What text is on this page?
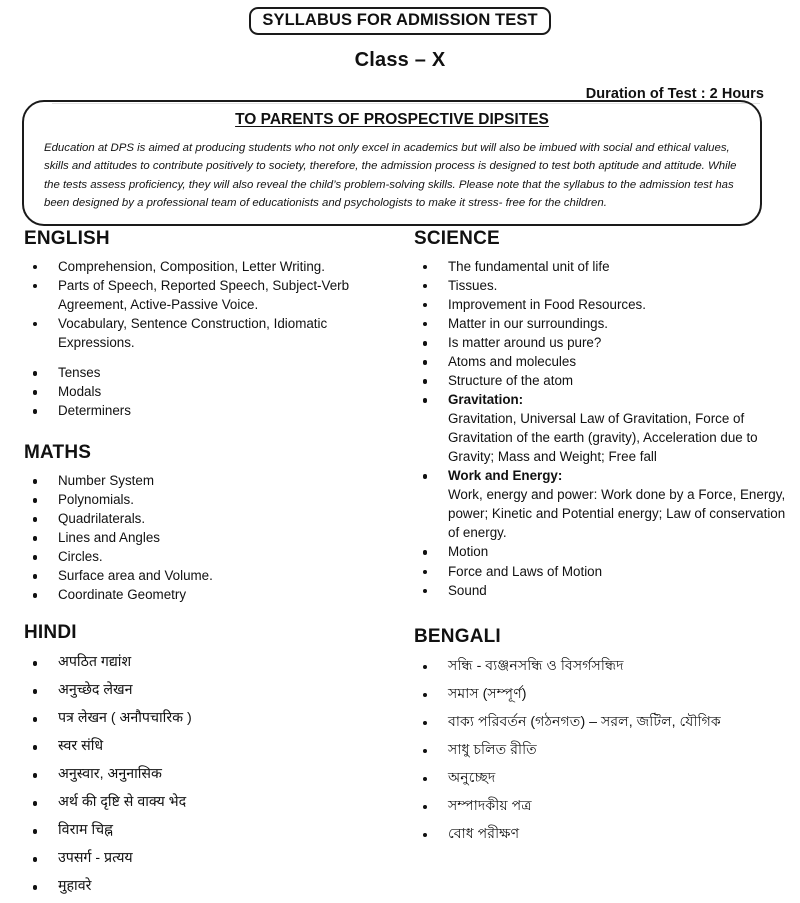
SYLLABUS FOR ADMISSION TEST
Class – X
Duration of Test : 2 Hours
TO PARENTS OF PROSPECTIVE DIPSITES
Education at DPS is aimed at producing students who not only excel in academics but will also be imbued with social and ethical values, skills and attitudes to contribute positively to society, therefore, the admission process is designed to test both aptitude and attitude. While the tests assess proficiency, they will also reveal the child’s problem-solving skills. Please note that the syllabus to the admission test has been designed by a professional team of educationists and psychologists to make it stress- free for the children.
ENGLISH
Comprehension, Composition, Letter Writing.
Parts of Speech, Reported Speech, Subject-Verb Agreement, Active-Passive Voice.
Vocabulary, Sentence Construction, Idiomatic Expressions.
Tenses
Modals
Determiners
MATHS
Number System
Polynomials.
Quadrilaterals.
Lines and Angles
Circles.
Surface area and Volume.
Coordinate Geometry
HINDI
अपठित गद्यांश
अनुच्छेद लेखन
पत्र लेखन ( अनौपचारिक )
स्वर संधि
अनुस्वार, अनुनासिक
अर्थ की दृष्टि से वाक्य भेद
विराम चिह्न
उपसर्ग - प्रत्यय
मुहावरे
SCIENCE
The fundamental unit of life
Tissues.
Improvement in Food Resources.
Matter in our surroundings.
Is matter around us pure?
Atoms and molecules
Structure of the atom
Gravitation:
Gravitation, Universal Law of Gravitation, Force of Gravitation of the earth (gravity), Acceleration due to Gravity; Mass and Weight; Free fall
Work and Energy:
Work, energy and power: Work done by a Force, Energy, power; Kinetic and Potential energy; Law of conservation of energy.
Motion
Force and Laws of Motion
Sound
BENGALI
সন্ধি - ব্যঞ্জনসন্ধি ও বিসর্গসন্ধিদ
সমাস (সম্পূর্ণ)
বাক্য পরিবর্তন (গঠনগত) – সরল, জটিল, যৌগিক
সাধু চলিত রীতি
অনুচ্ছেদ
সম্পাদকীয় পত্র
বোধ পরীক্ষণ
